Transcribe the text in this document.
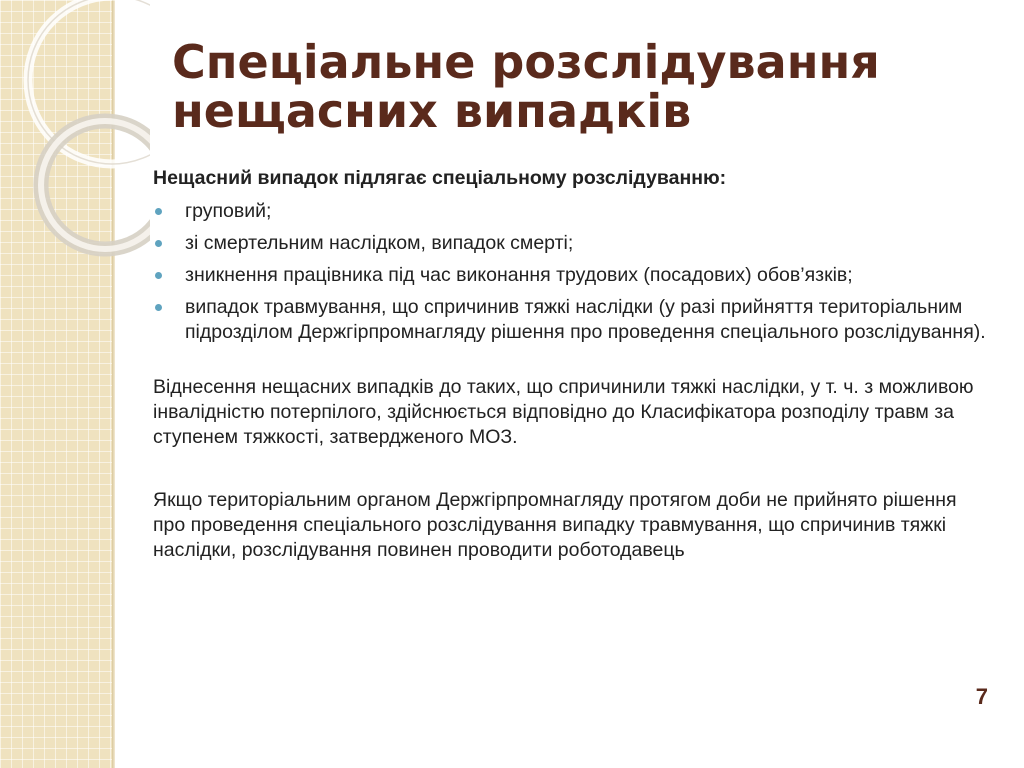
Спеціальне розслідування нещасних випадків

Нещасний випадок підлягає спеціальному розслідуванню:

груповий;
зі смертельним наслідком, випадок смерті;
зникнення працівника під час виконання трудових (посадових) обов’язків;
випадок травмування, що спричинив тяжкі наслідки (у разі прийняття територіальним підрозділом Держгірпромнагляду рішення про проведення спеціального розслідування).

Віднесення нещасних випадків до таких, що спричинили тяжкі наслідки, у т. ч. з можливою інвалідністю потерпілого, здійснюється відповідно до Класифікатора розподілу травм за ступенем тяжкості, затвердженого МОЗ.

Якщо територіальним органом Держгірпромнагляду протягом доби не прийнято рішення про проведення спеціального розслідування випадку травмування, що спричинив тяжкі наслідки, розслідування повинен проводити роботодавець

7
